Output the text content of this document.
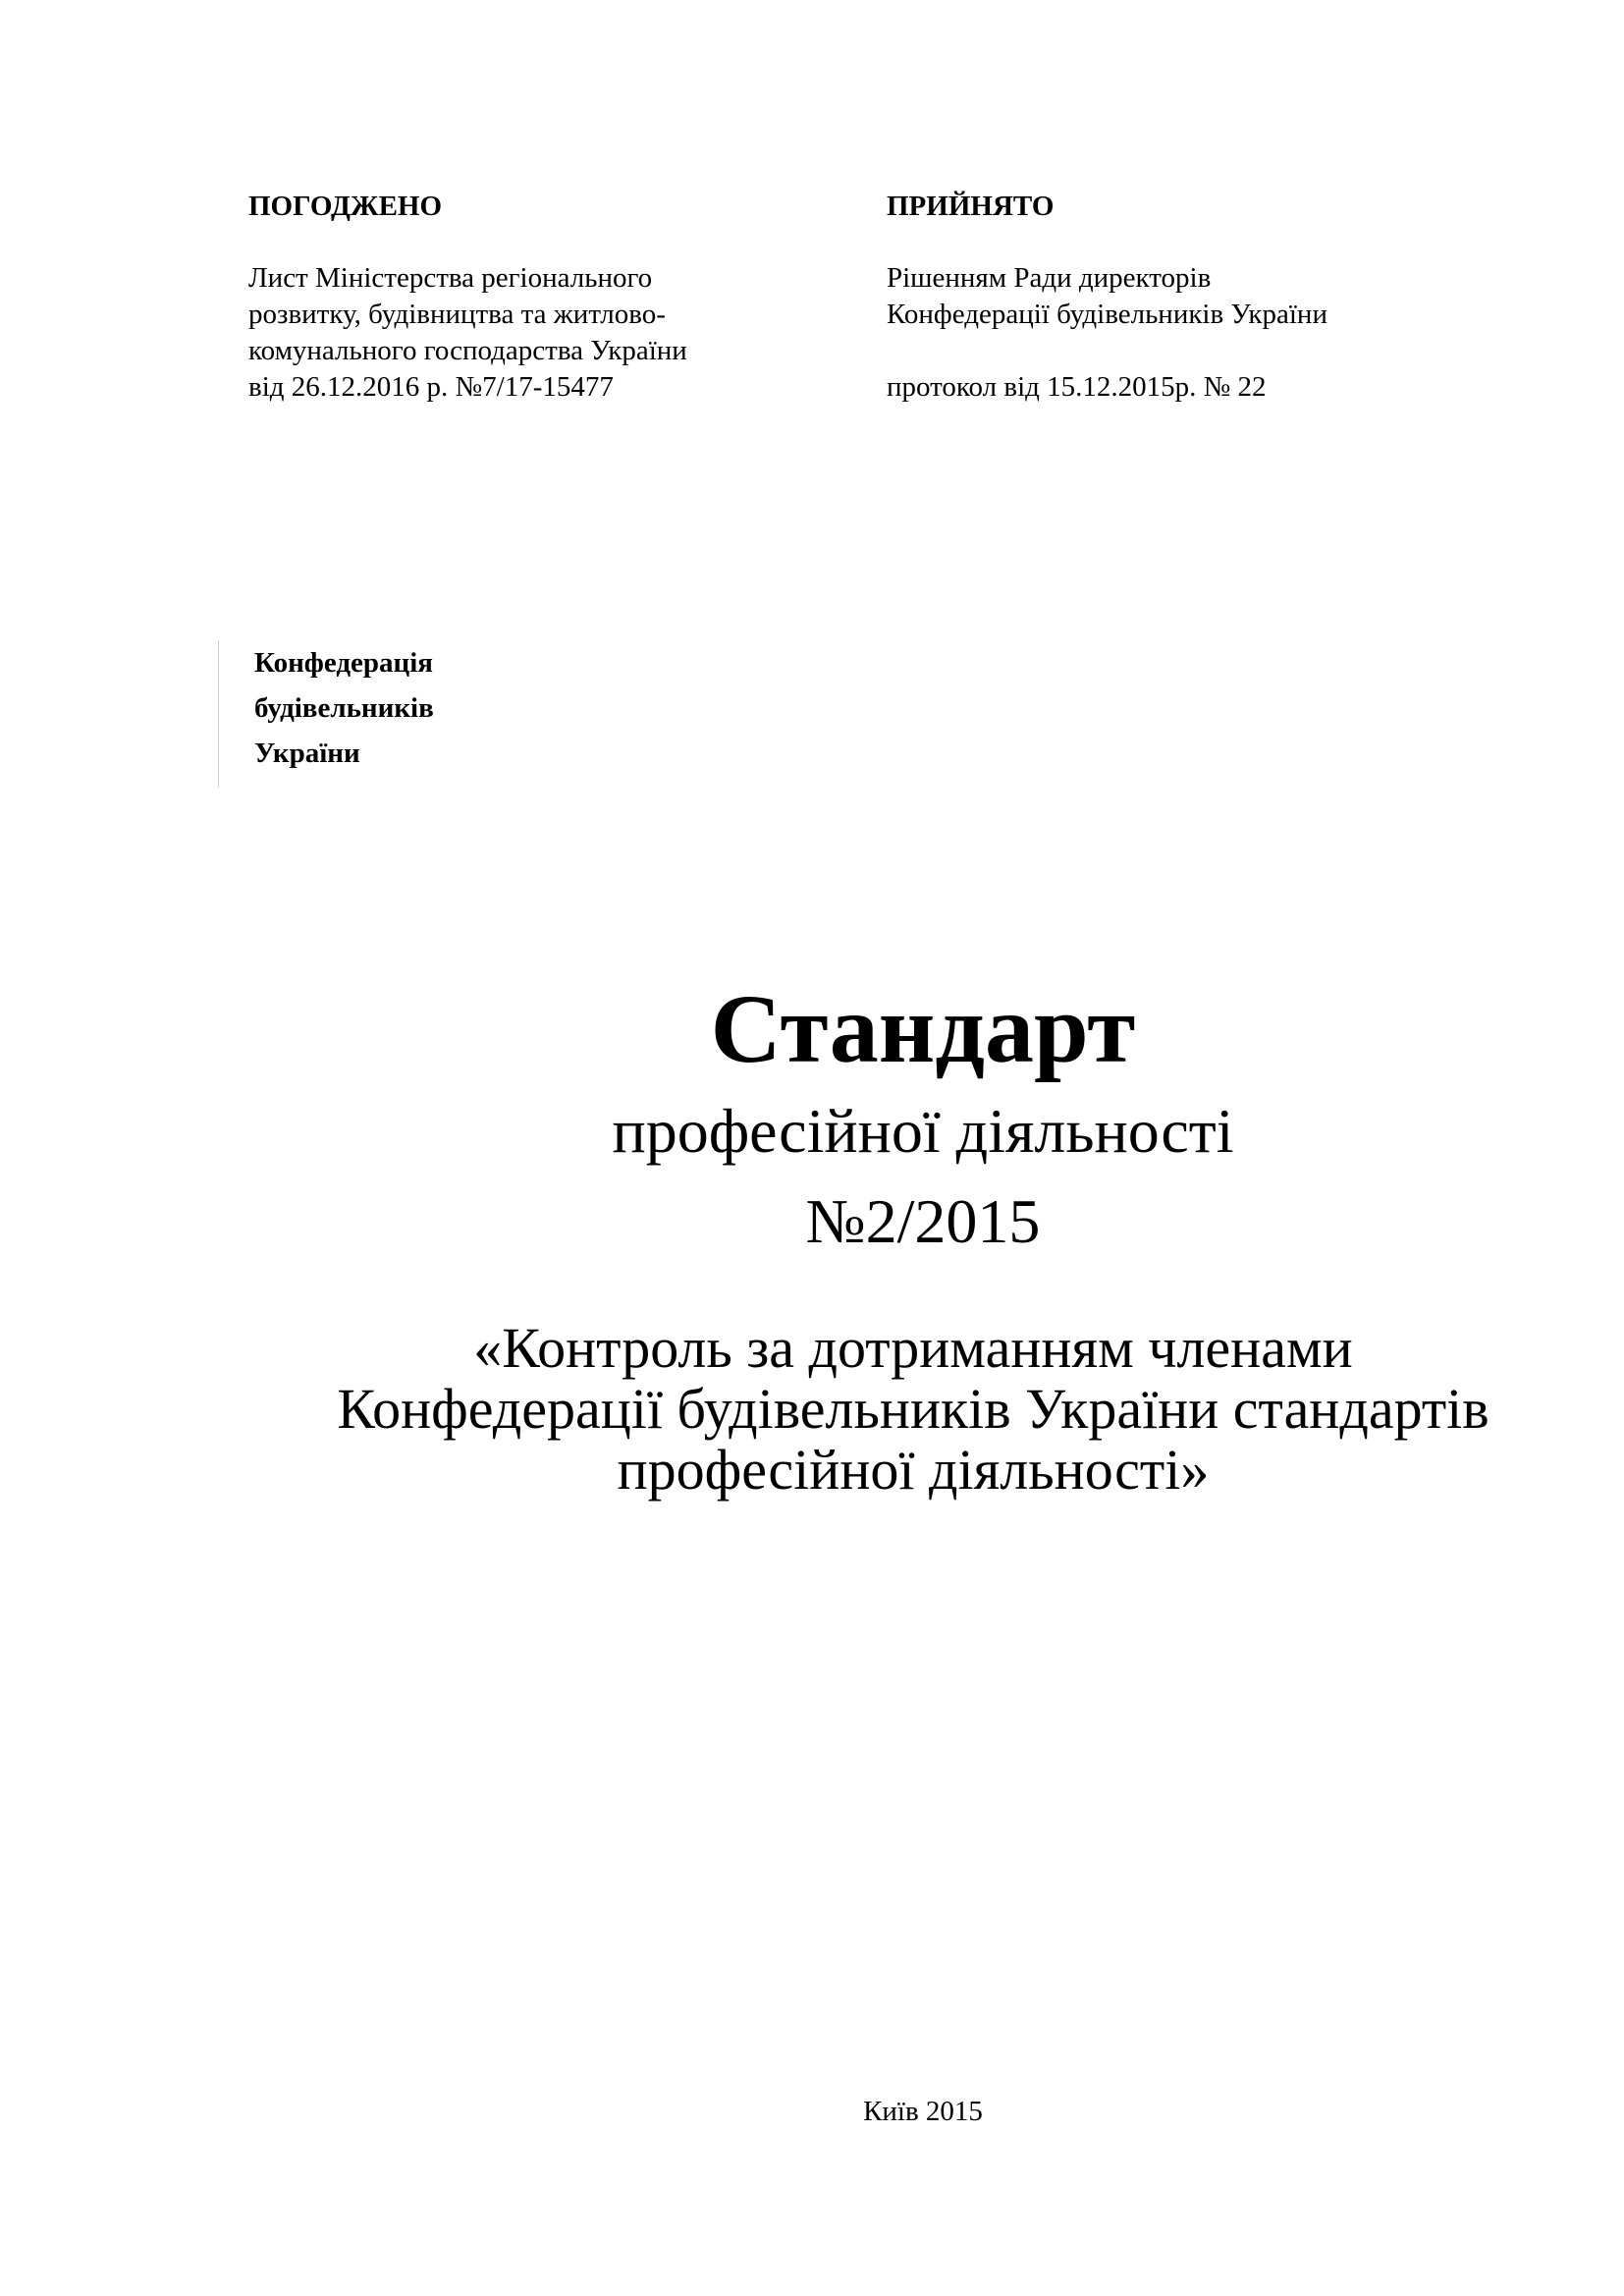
ПОГОДЖЕНО

Лист Міністерства регіонального

розвитку, будівництва та житлово-

комунального господарства України

від 26.12.2016 р. №7/17-15477

ПРИЙНЯТО

Рішенням Ради директорів

Конфедерації будівельників України

протокол від 15.12.2015р. № 22

Конфедерація

будівельників

України

Стандарт

професійної діяльності

№2/2015

«Контроль за дотриманням членами

Конфедерації будівельників України стандартів

професійної діяльності»

Київ 2015
